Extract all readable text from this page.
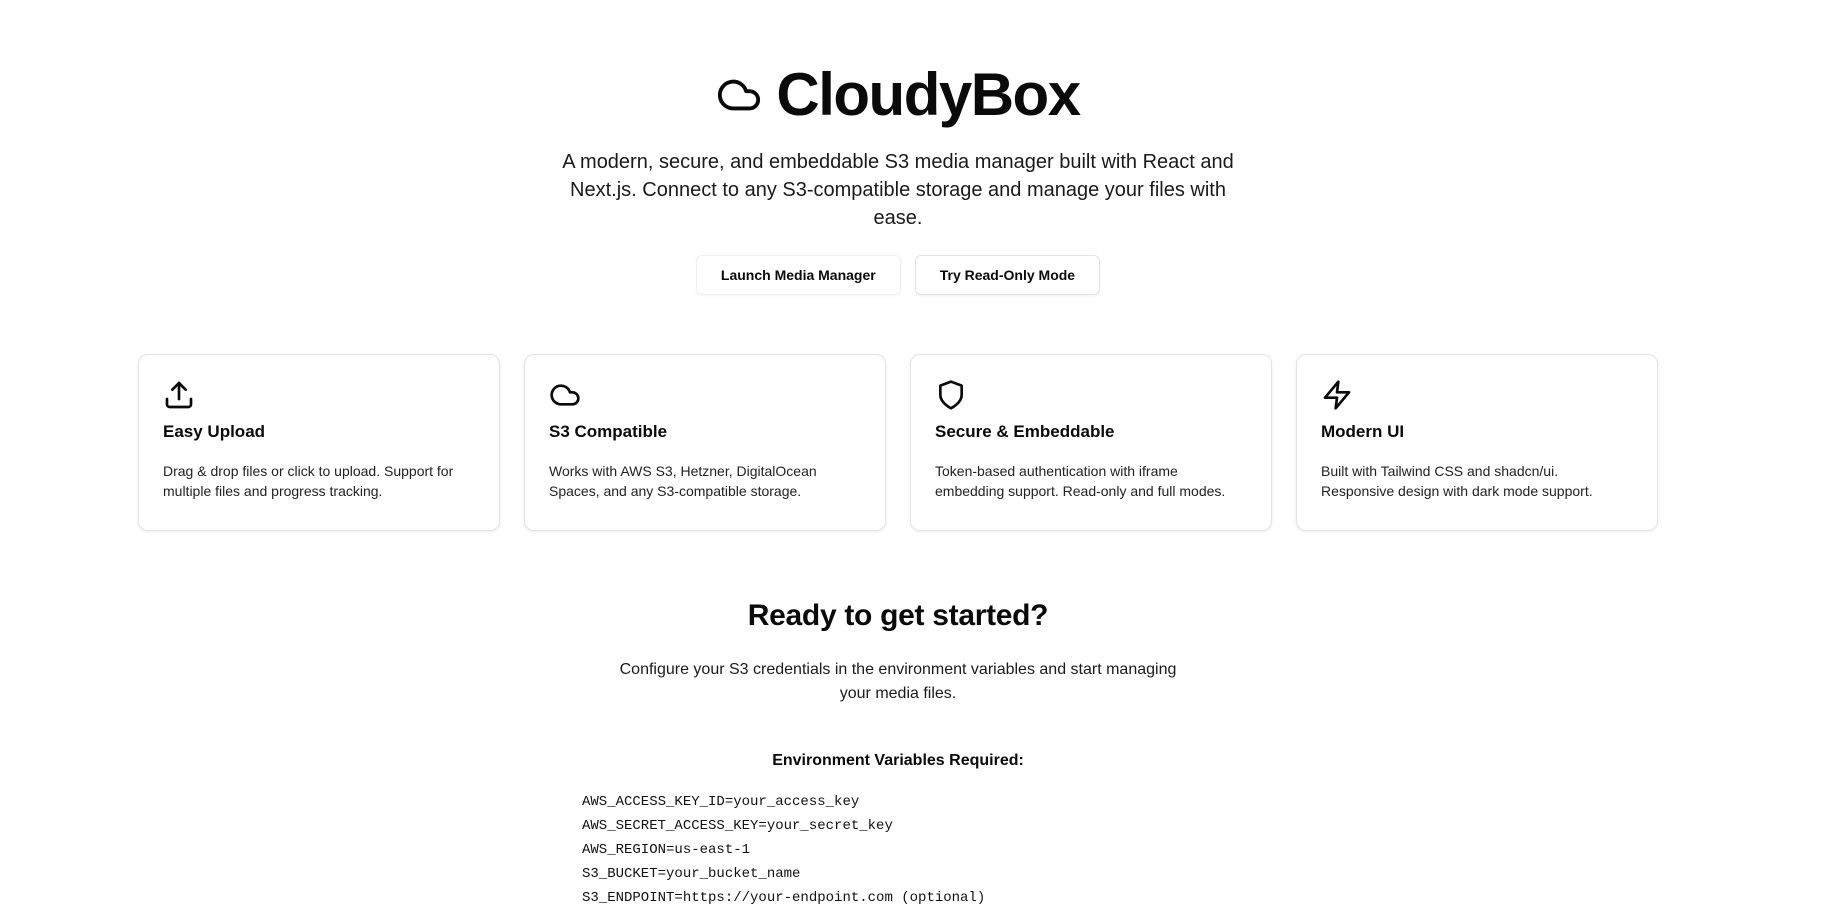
CloudyBox
A modern, secure, and embeddable S3 media manager built with React and Next.js. Connect to any S3-compatible storage and manage your files with ease.
Launch Media Manager	Try Read-Only Mode
Easy Upload
Drag & drop files or click to upload. Support for multiple files and progress tracking.
S3 Compatible
Works with AWS S3, Hetzner, DigitalOcean Spaces, and any S3-compatible storage.
Secure & Embeddable
Token-based authentication with iframe embedding support. Read-only and full modes.
Modern UI
Built with Tailwind CSS and shadcn/ui. Responsive design with dark mode support.
Ready to get started?
Configure your S3 credentials in the environment variables and start managing your media files.
Environment Variables Required:
AWS_ACCESS_KEY_ID=your_access_key
AWS_SECRET_ACCESS_KEY=your_secret_key
AWS_REGION=us-east-1
S3_BUCKET=your_bucket_name
S3_ENDPOINT=https://your-endpoint.com (optional)
